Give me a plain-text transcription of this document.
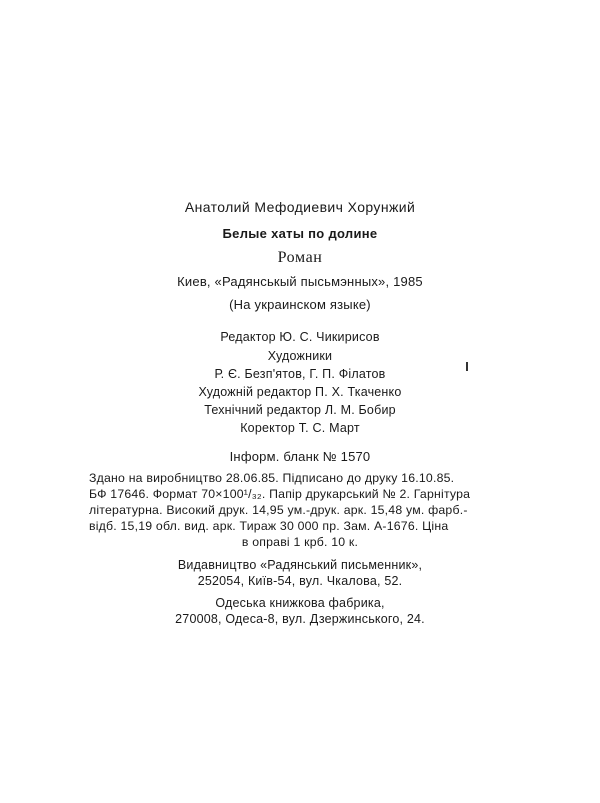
Анатолий Мефодиевич Хорунжий
Белые хаты по долине
Роман
Киев, «Радянськый пысьмэнных», 1985
(На украинском языке)
Редактор Ю. С. Чикирисов
Художники
Р. Є. Безп'ятов, Г. П. Філатов
Художній редактор П. Х. Ткаченко
Технічний редактор Л. М. Бобир
Коректор Т. С. Март
Інформ. бланк № 1570
Здано на виробництво 28.06.85. Підписано до друку 16.10.85.
БФ 17646. Формат 70×100¹/₃₂. Папір друкарський № 2. Гарнітура
літературна. Високий друк. 14,95 ум.-друк. арк. 15,48 ум. фарб.-
відб. 15,19 обл. вид. арк. Тираж 30 000 пр. Зам. А-1676. Ціна
в оправі 1 крб. 10 к.
Видавництво «Радянський письменник»,
252054, Київ-54, вул. Чкалова, 52.
Одеська книжкова фабрика,
270008, Одеса-8, вул. Дзержинського, 24.
